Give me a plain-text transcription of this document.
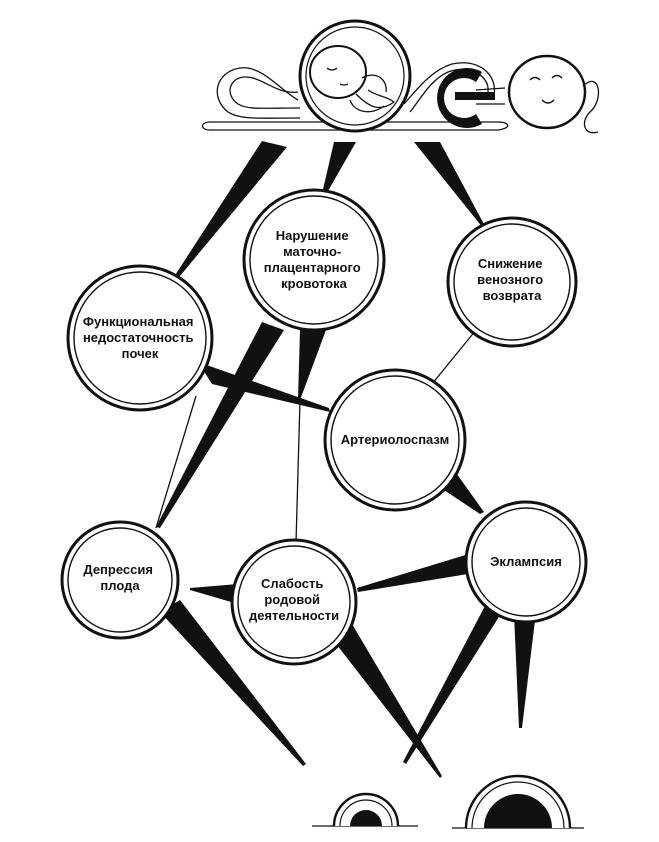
Нарушение маточно- плацентарного кровотока
Функциональная недостаточность почек
Снижение венозного возврата
Артериолоспазм
Депрессия плода	Слабость родовой деятельности
Эклампсия
